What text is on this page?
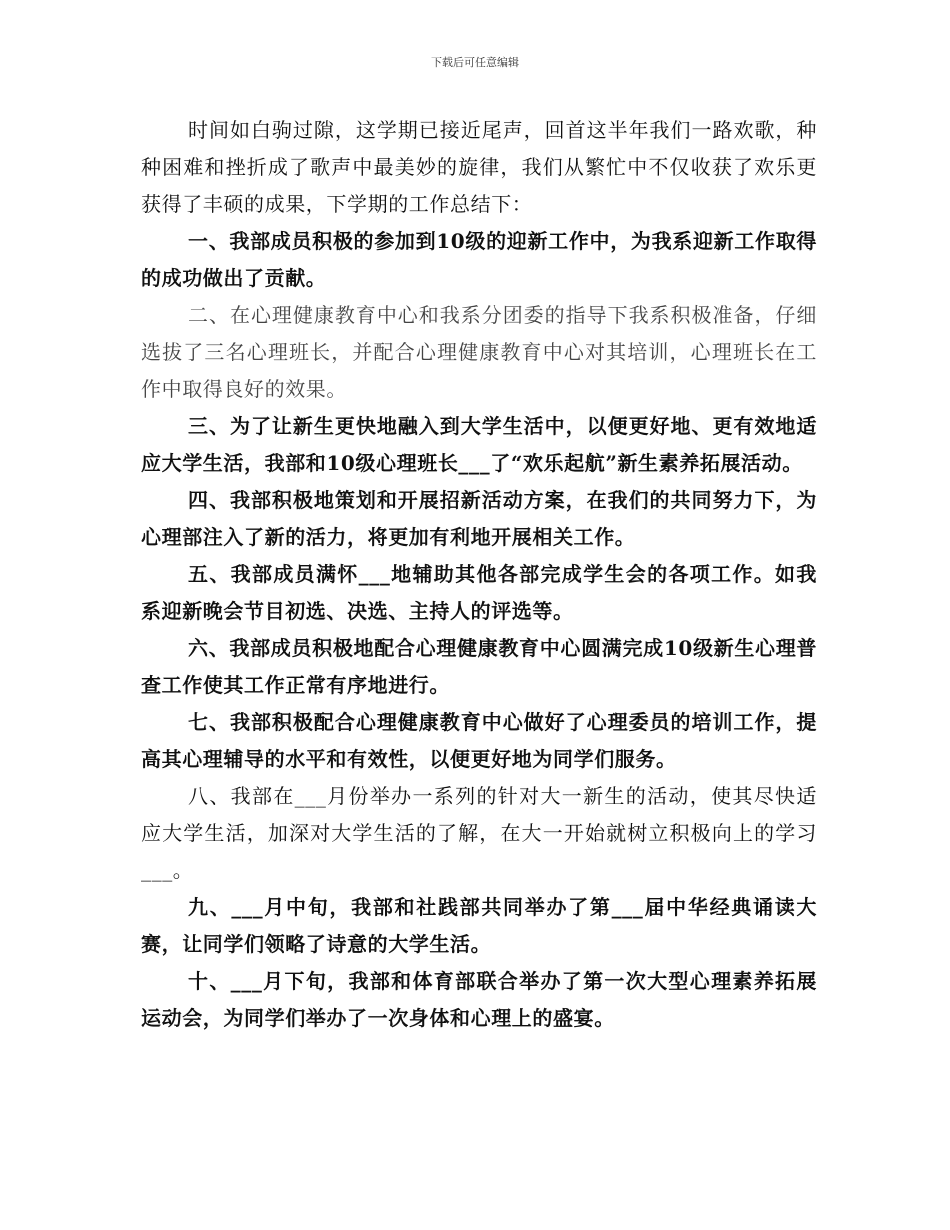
下载后可任意编辑

时间如白驹过隙，这学期已接近尾声，回首这半年我们一路欢歌，种种困难和挫折成了歌声中最美妙的旋律，我们从繁忙中不仅收获了欢乐更获得了丰硕的成果，下学期的工作总结下：

一、我部成员积极的参加到10级的迎新工作中，为我系迎新工作取得的成功做出了贡献。

二、在心理健康教育中心和我系分团委的指导下我系积极准备，仔细选拔了三名心理班长，并配合心理健康教育中心对其培训，心理班长在工作中取得良好的效果。

三、为了让新生更快地融入到大学生活中，以便更好地、更有效地适应大学生活，我部和10级心理班长___了“欢乐起航”新生素养拓展活动。

四、我部积极地策划和开展招新活动方案，在我们的共同努力下，为心理部注入了新的活力，将更加有利地开展相关工作。

五、我部成员满怀___地辅助其他各部完成学生会的各项工作。如我系迎新晚会节目初选、决选、主持人的评选等。

六、我部成员积极地配合心理健康教育中心圆满完成10级新生心理普查工作使其工作正常有序地进行。

七、我部积极配合心理健康教育中心做好了心理委员的培训工作，提高其心理辅导的水平和有效性，以便更好地为同学们服务。

八、我部在___月份举办一系列的针对大一新生的活动，使其尽快适应大学生活，加深对大学生活的了解，在大一开始就树立积极向上的学习___。

九、___月中旬，我部和社践部共同举办了第___届中华经典诵读大赛，让同学们领略了诗意的大学生活。

十、___月下旬，我部和体育部联合举办了第一次大型心理素养拓展运动会，为同学们举办了一次身体和心理上的盛宴。
